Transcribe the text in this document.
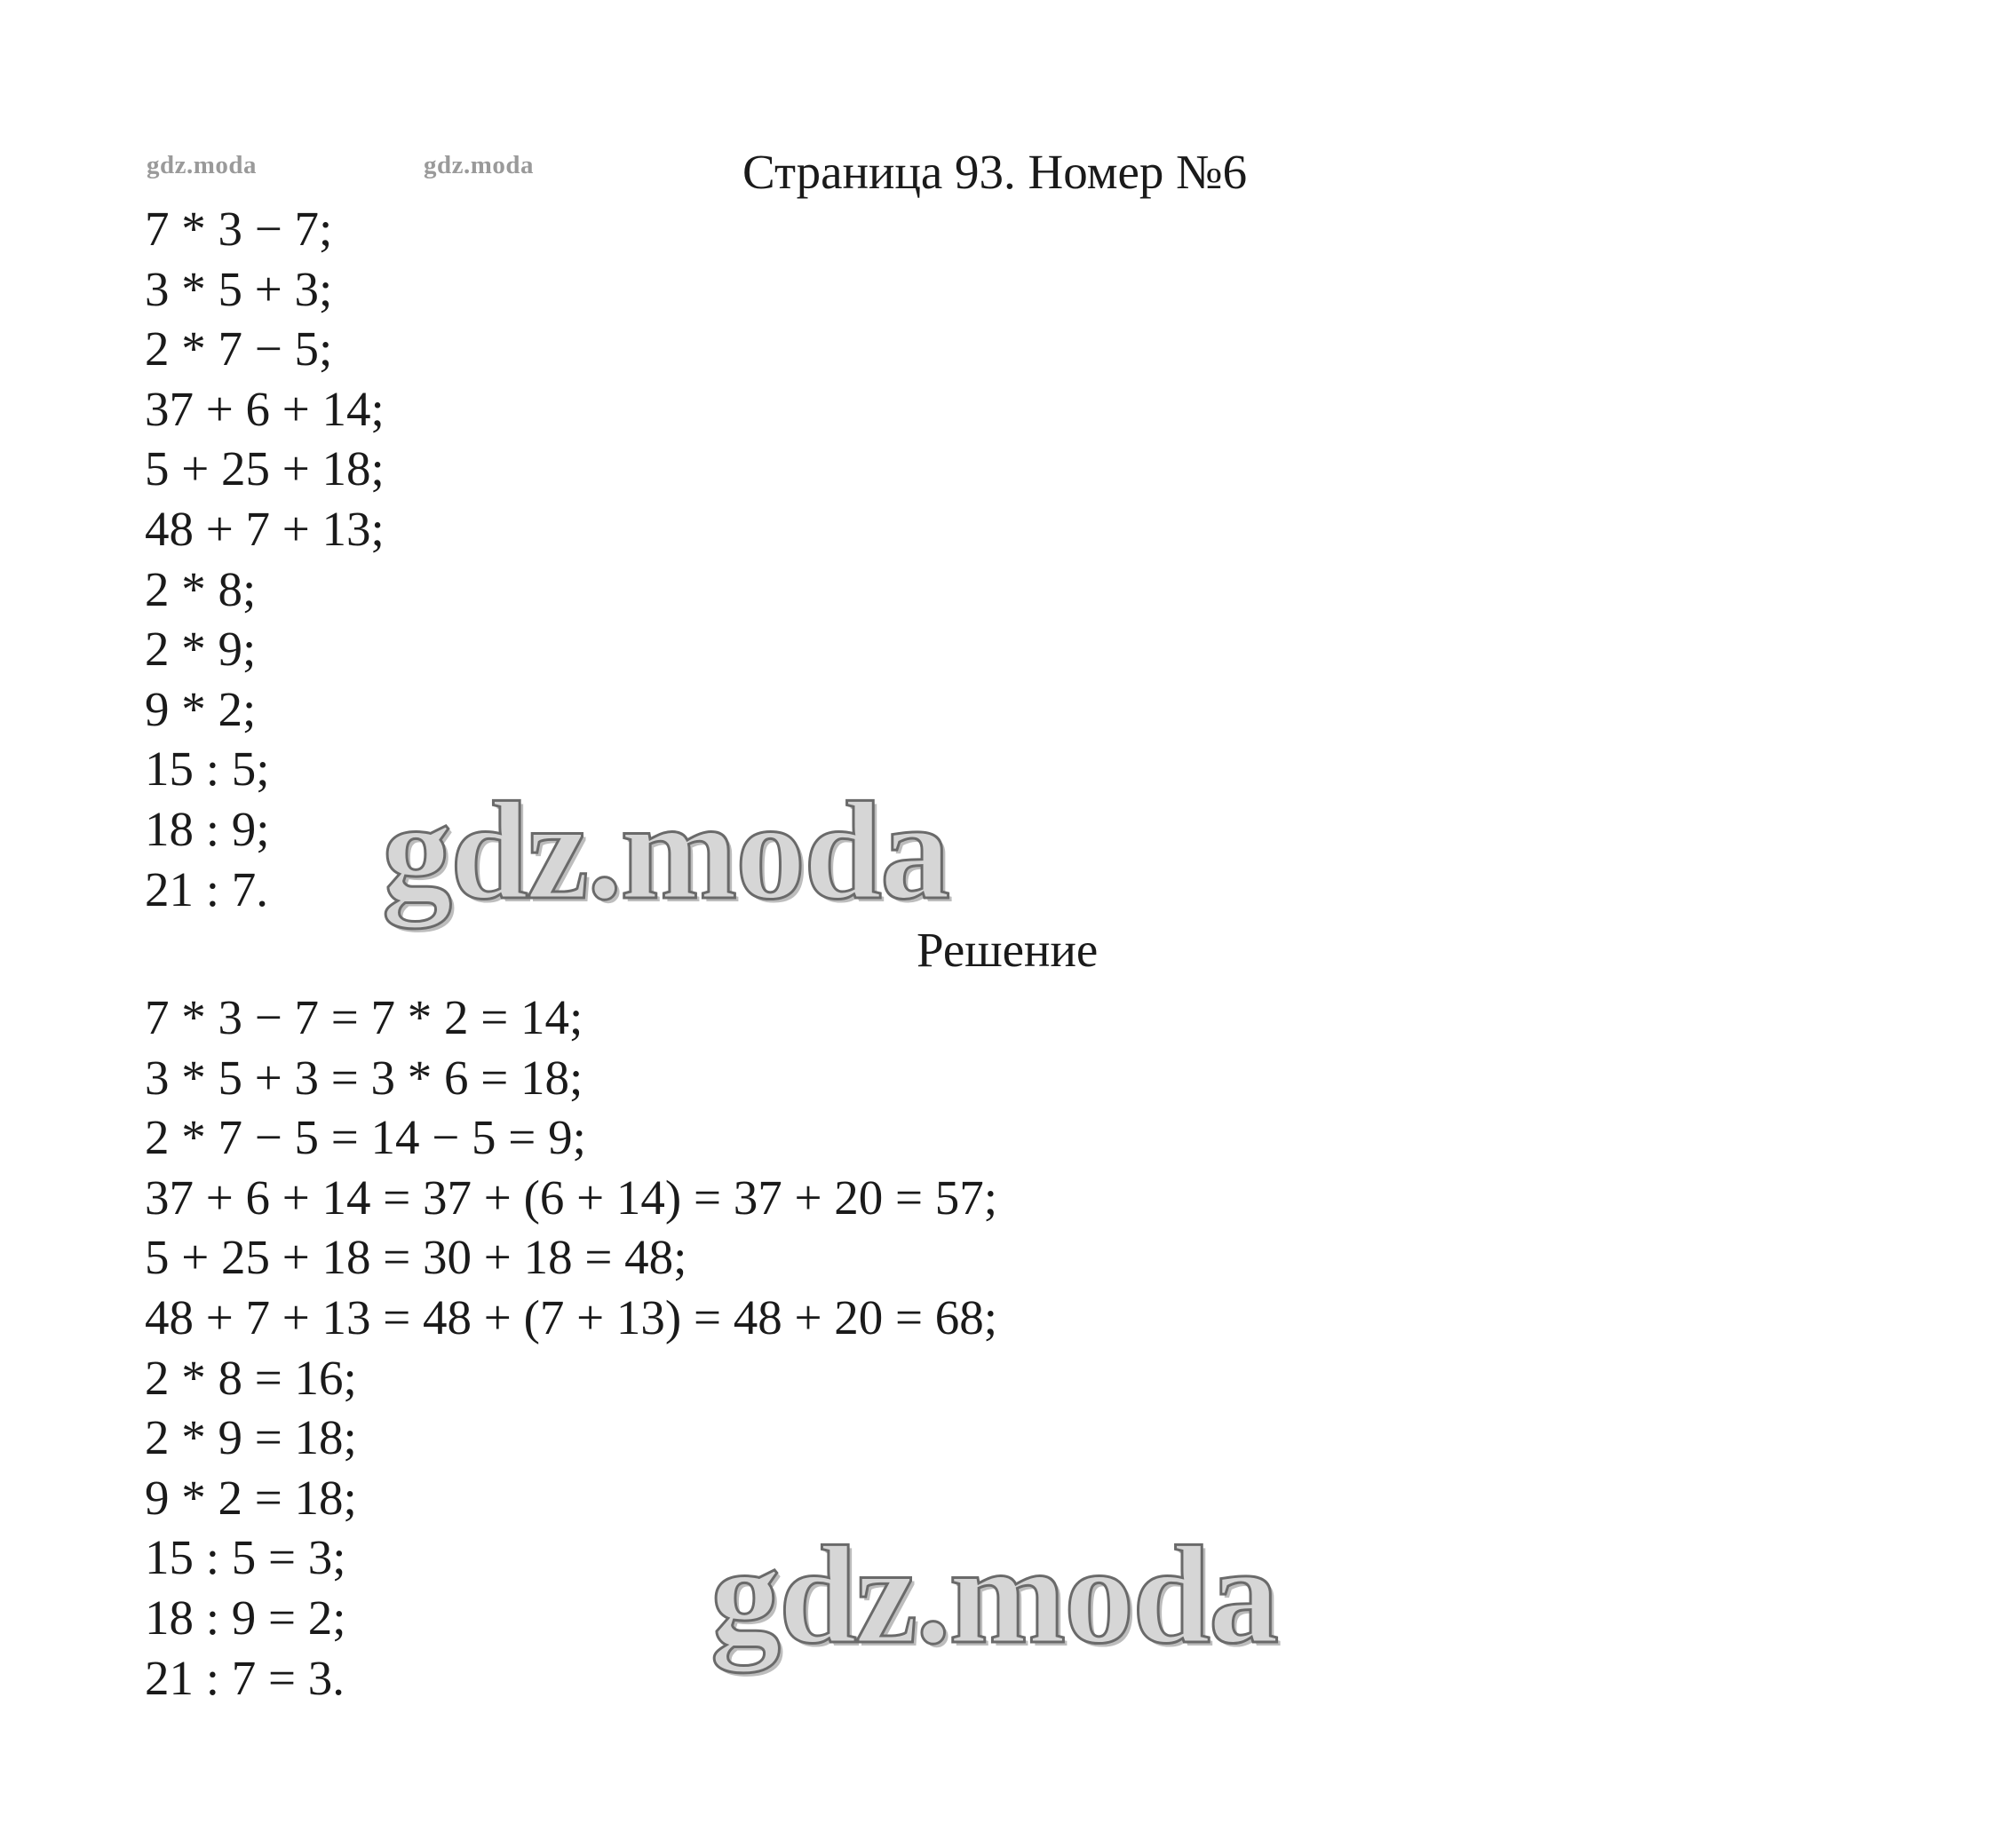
gdz.moda	gdz.moda	Страница 93. Номер №6
7 * 3 − 7;
3 * 5 + 3;
2 * 7 − 5;
37 + 6 + 14;
5 + 25 + 18;
48 + 7 + 13;
2 * 8;
2 * 9;
9 * 2;
15 : 5;
18 : 9;
21 : 7. gdz.moda
Решение
7 * 3 − 7 = 7 * 2 = 14;
3 * 5 + 3 = 3 * 6 = 18;
2 * 7 − 5 = 14 − 5 = 9;
37 + 6 + 14 = 37 + (6 + 14) = 37 + 20 = 57;
5 + 25 + 18 = 30 + 18 = 48;
48 + 7 + 13 = 48 + (7 + 13) = 48 + 20 = 68;
2 * 8 = 16;
2 * 9 = 18;
9 * 2 = 18;
15 : 5 = 3;
18 : 9 = 2;
21 : 7 = 3.
gdz.moda
